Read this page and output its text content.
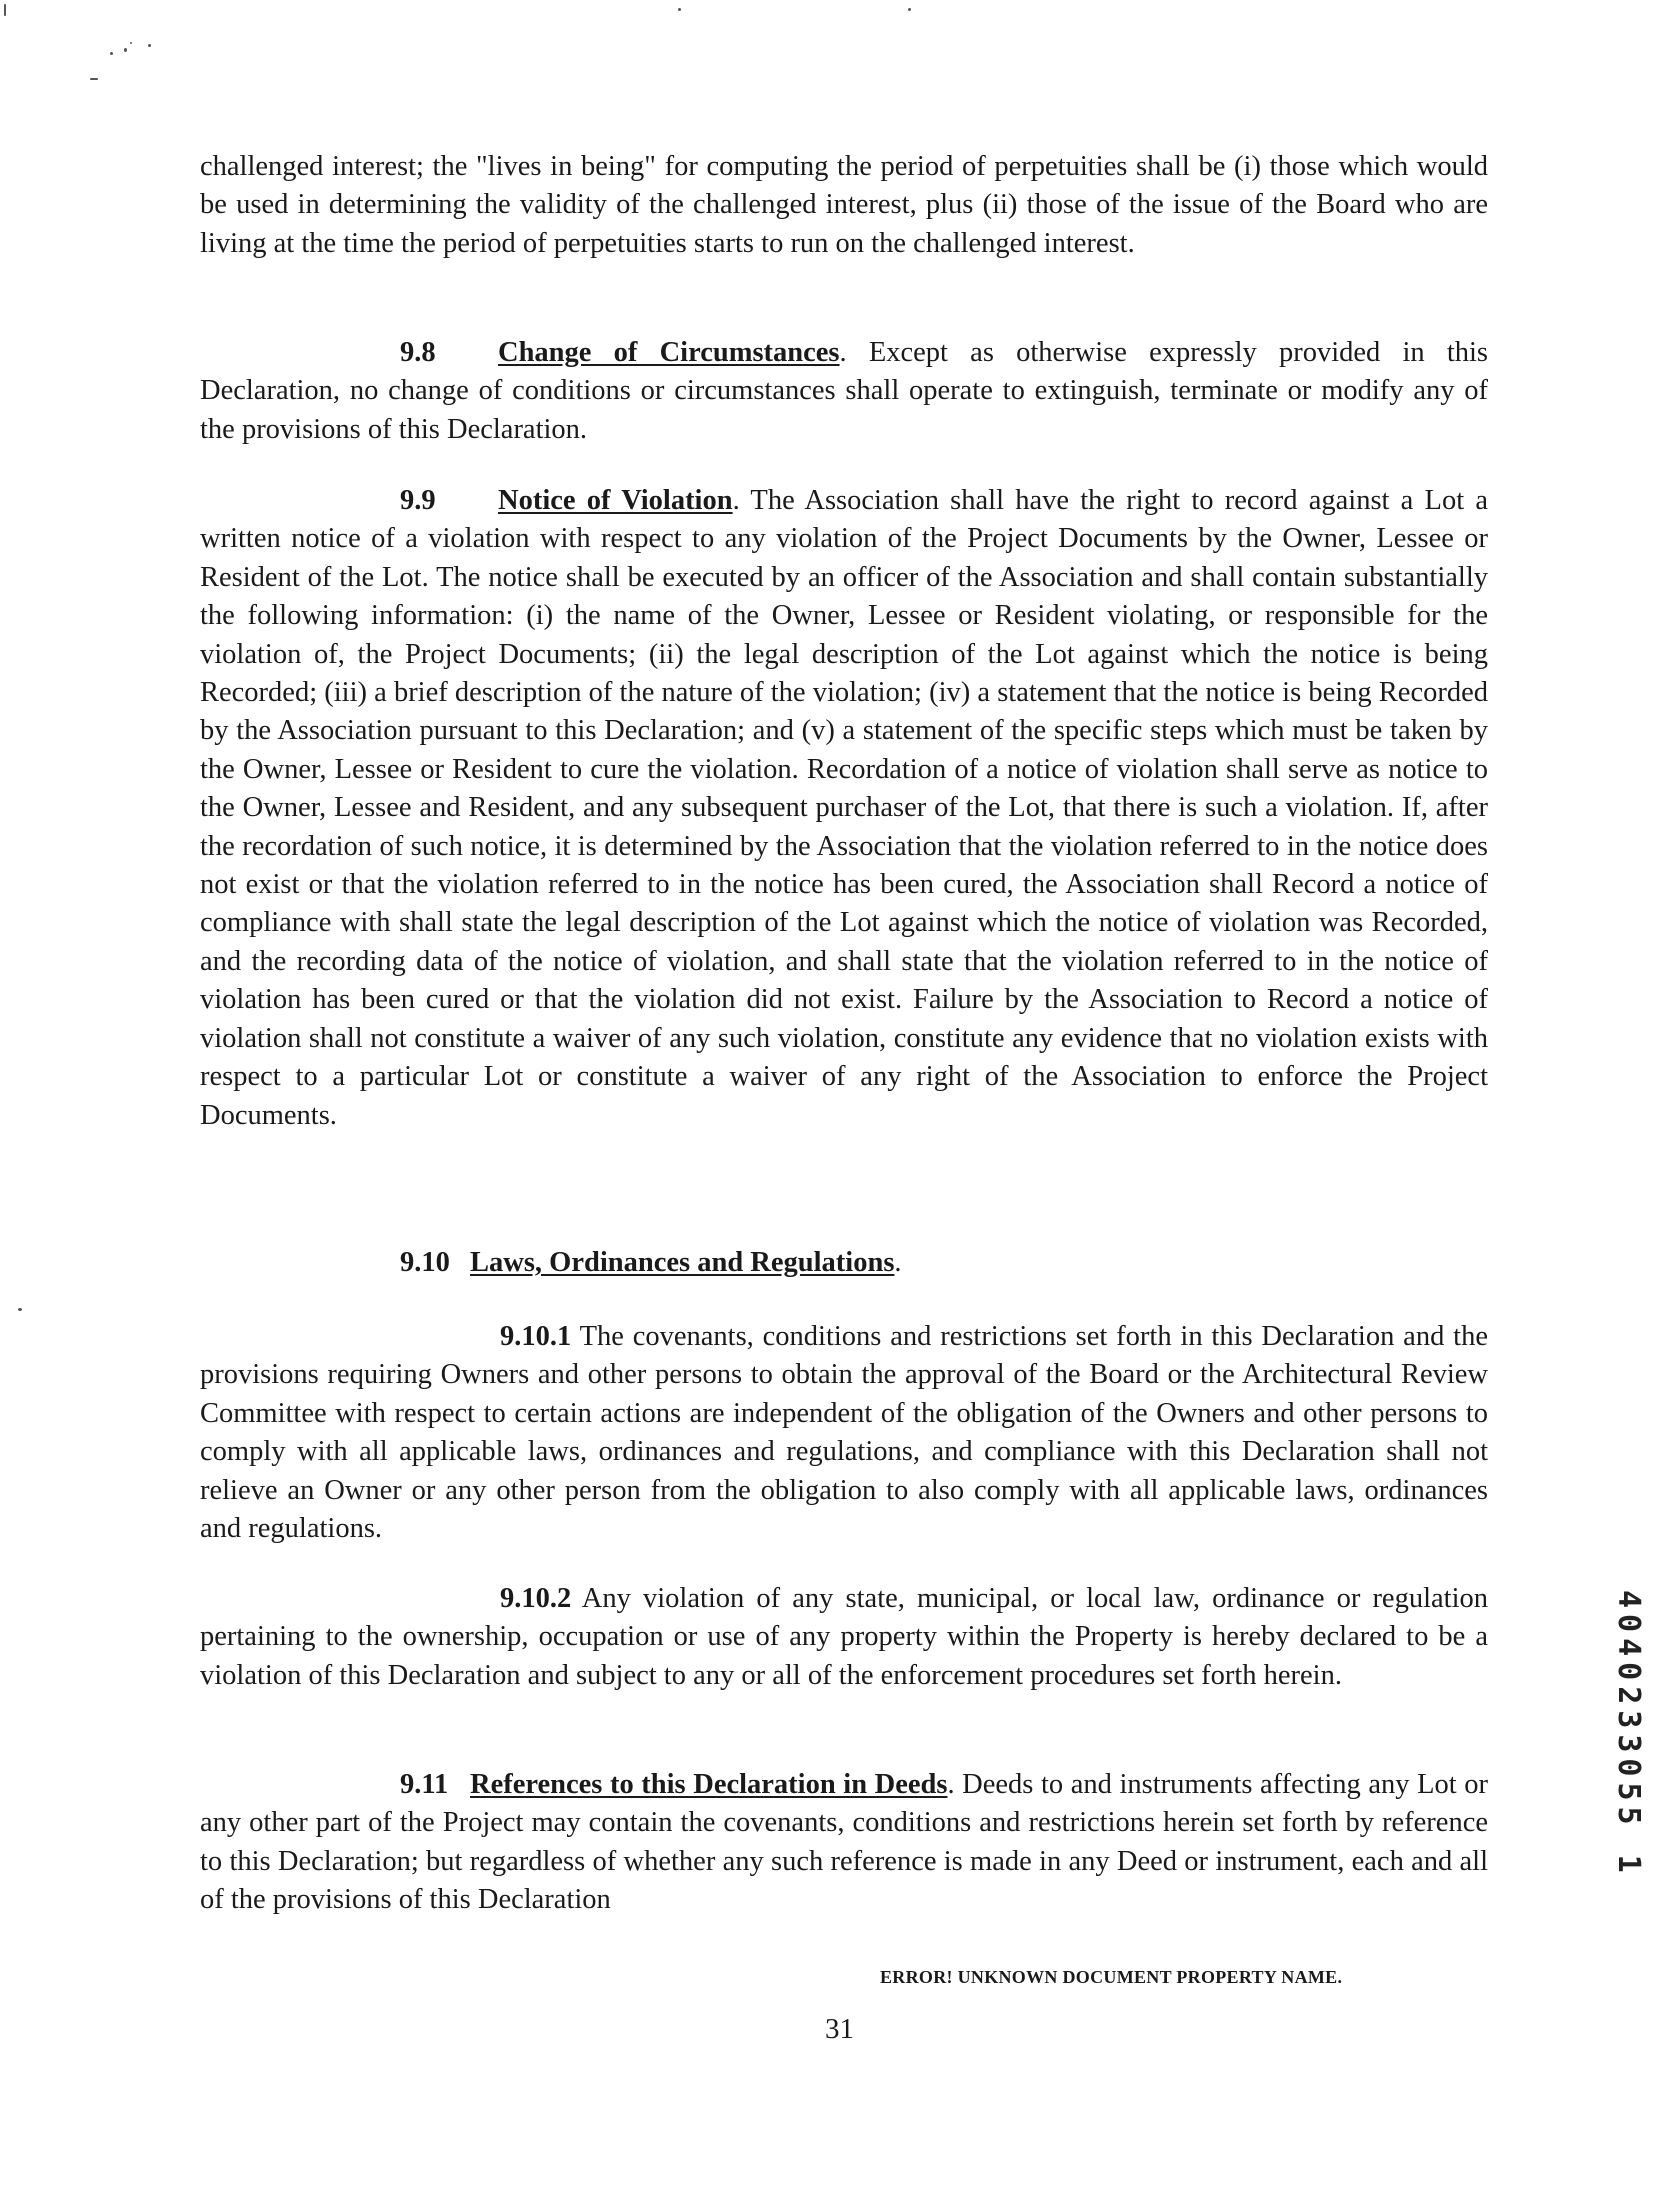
challenged interest; the "lives in being" for computing the period of perpetuities shall be (i) those which would be used in determining the validity of the challenged interest, plus (ii) those of the issue of the Board who are living at the time the period of perpetuities starts to run on the challenged interest.

9.8 Change of Circumstances. Except as otherwise expressly provided in this Declaration, no change of conditions or circumstances shall operate to extinguish, terminate or modify any of the provisions of this Declaration.

9.9 Notice of Violation. The Association shall have the right to record against a Lot a written notice of a violation with respect to any violation of the Project Documents by the Owner, Lessee or Resident of the Lot. The notice shall be executed by an officer of the Association and shall contain substantially the following information: (i) the name of the Owner, Lessee or Resident violating, or responsible for the violation of, the Project Documents; (ii) the legal description of the Lot against which the notice is being Recorded; (iii) a brief description of the nature of the violation; (iv) a statement that the notice is being Recorded by the Association pursuant to this Declaration; and (v) a statement of the specific steps which must be taken by the Owner, Lessee or Resident to cure the violation. Recordation of a notice of violation shall serve as notice to the Owner, Lessee and Resident, and any subsequent purchaser of the Lot, that there is such a violation. If, after the recordation of such notice, it is determined by the Association that the violation referred to in the notice does not exist or that the violation referred to in the notice has been cured, the Association shall Record a notice of compliance with shall state the legal description of the Lot against which the notice of violation was Recorded, and the recording data of the notice of violation, and shall state that the violation referred to in the notice of violation has been cured or that the violation did not exist. Failure by the Association to Record a notice of violation shall not constitute a waiver of any such violation, constitute any evidence that no violation exists with respect to a particular Lot or constitute a waiver of any right of the Association to enforce the Project Documents.

9.10 Laws, Ordinances and Regulations.

9.10.1 The covenants, conditions and restrictions set forth in this Declaration and the provisions requiring Owners and other persons to obtain the approval of the Board or the Architectural Review Committee with respect to certain actions are independent of the obligation of the Owners and other persons to comply with all applicable laws, ordinances and regulations, and compliance with this Declaration shall not relieve an Owner or any other person from the obligation to also comply with all applicable laws, ordinances and regulations.

9.10.2 Any violation of any state, municipal, or local law, ordinance or regulation pertaining to the ownership, occupation or use of any property within the Property is hereby declared to be a violation of this Declaration and subject to any or all of the enforcement procedures set forth herein.

9.11 References to this Declaration in Deeds. Deeds to and instruments affecting any Lot or any other part of the Project may contain the covenants, conditions and restrictions herein set forth by reference to this Declaration; but regardless of whether any such reference is made in any Deed or instrument, each and all of the provisions of this Declaration

ERROR! UNKNOWN DOCUMENT PROPERTY NAME.

31

4040233055 1
